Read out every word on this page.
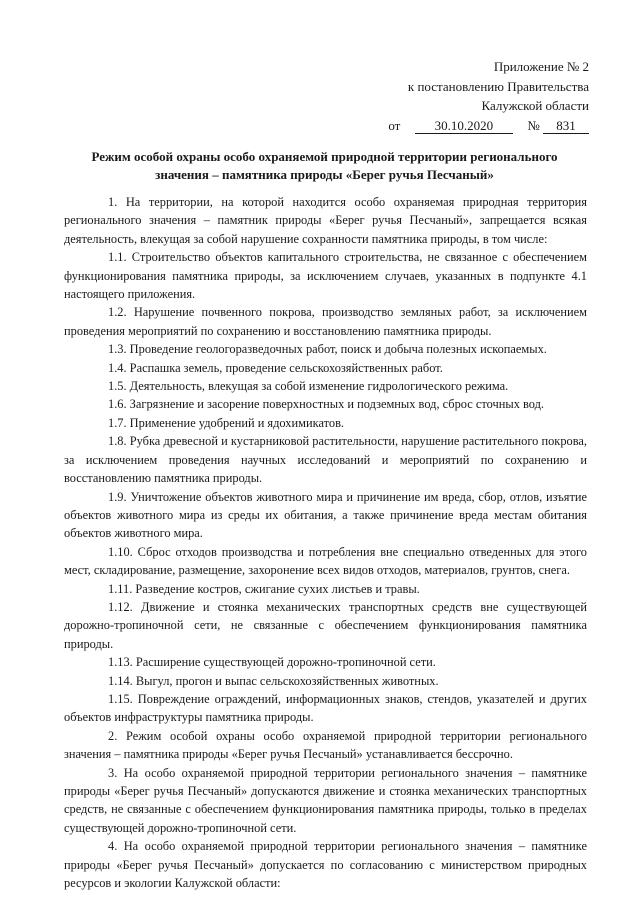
Приложение № 2
к постановлению Правительства
Калужской области
от	30.10.2020	№ 831
Режим особой охраны особо охраняемой природной территории регионального
значения – памятника природы «Берег ручья Песчаный»

1. На территории, на которой находится особо охраняемая природная территория регионального значения – памятник природы «Берег ручья Песчаный», запрещается всякая деятельность, влекущая за собой нарушение сохранности памятника природы, в том числе:

1.1. Строительство объектов капитального строительства, не связанное с обеспечением функционирования памятника природы, за исключением случаев, указанных в подпункте 4.1 настоящего приложения.

1.2. Нарушение почвенного покрова, производство земляных работ, за исключением проведения мероприятий по сохранению и восстановлению памятника природы.

1.3. Проведение геологоразведочных работ, поиск и добыча полезных ископаемых.

1.4. Распашка земель, проведение сельскохозяйственных работ.

1.5. Деятельность, влекущая за собой изменение гидрологического режима.

1.6. Загрязнение и засорение поверхностных и подземных вод, сброс сточных вод.

1.7. Применение удобрений и ядохимикатов.

1.8. Рубка древесной и кустарниковой растительности, нарушение растительного покрова, за исключением проведения научных исследований и мероприятий по сохранению и восстановлению памятника природы.

1.9. Уничтожение объектов животного мира и причинение им вреда, сбор, отлов, изъятие объектов животного мира из среды их обитания, а также причинение вреда местам обитания объектов животного мира.

1.10. Сброс отходов производства и потребления вне специально отведенных для этого мест, складирование, размещение, захоронение всех видов отходов, материалов, грунтов, снега.

1.11. Разведение костров, сжигание сухих листьев и травы.

1.12. Движение и стоянка механических транспортных средств вне существующей дорожно-тропиночной сети, не связанные с обеспечением функционирования памятника природы.

1.13. Расширение существующей дорожно-тропиночной сети.

1.14. Выгул, прогон и выпас сельскохозяйственных животных.

1.15. Повреждение ограждений, информационных знаков, стендов, указателей и других объектов инфраструктуры памятника природы.

2. Режим особой охраны особо охраняемой природной территории регионального значения – памятника природы «Берег ручья Песчаный» устанавливается бессрочно.

3. На особо охраняемой природной территории регионального значения – памятнике природы «Берег ручья Песчаный» допускаются движение и стоянка механических транспортных средств, не связанные с обеспечением функционирования памятника природы, только в пределах существующей дорожно-тропиночной сети.

4. На особо охраняемой природной территории регионального значения – памятнике природы «Берег ручья Песчаный» допускается по согласованию с министерством природных ресурсов и экологии Калужской области:
